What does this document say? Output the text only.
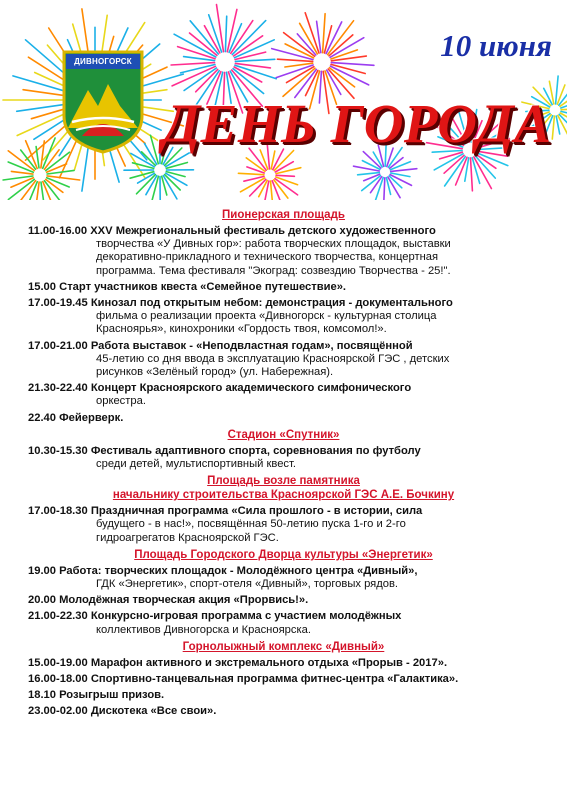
ДИВНОГОРСК	10 июня
ДЕНЬ ГОРОДА
Пионерская площадь
11.00-16.00 XXV Межрегиональный фестиваль детского художественного
творчества «У Дивных гор»: работа творческих площадок, выставки
декоративно-прикладного и технического творчества, концертная
программа. Тема фестиваля "Экоград: созвездию Творчества - 25!".
15.00 Старт участников квеста «Семейное путешествие».
17.00-19.45 Кинозал под открытым небом: демонстрация - документального
фильма о реализации проекта «Дивногорск - культурная столица
Красноярья», кинохроники «Гордость твоя, комсомол!».
17.00-21.00 Работа выставок - «Неподвластная годам», посвящённой
45-летию со дня ввода в эксплуатацию Красноярской ГЭС , детских
рисунков «Зелёный город» (ул. Набережная).
21.30-22.40 Концерт Красноярского академического симфонического
оркестра.
22.40 Фейерверк.
Стадион «Спутник»
10.30-15.30 Фестиваль адаптивного спорта, соревнования по футболу
среди детей, мультиспортивный квест.
Площадь возле памятника
начальнику строительства Красноярской ГЭС А.Е. Бочкину
17.00-18.30 Праздничная программа «Сила прошлого - в истории, сила
будущего - в нас!», посвящённая 50-летию пуска 1-го и 2-го
гидроагрегатов Красноярской ГЭС.
Площадь Городского Дворца культуры «Энергетик»
19.00 Работа: творческих площадок - Молодёжного центра «Дивный»,
ГДК «Энергетик», спорт-отеля «Дивный», торговых рядов.
20.00 Молодёжная творческая акция «Прорвись!».
21.00-22.30 Конкурсно-игровая программа с участием молодёжных
коллективов Дивногорска и Красноярска.
Горнолыжный комплекс «Дивный»
15.00-19.00 Марафон активного и экстремального отдыха «Прорыв - 2017».
16.00-18.00 Спортивно-танцевальная программа фитнес-центра «Галактика».
18.10 Розыгрыш призов.
23.00-02.00 Дискотека «Все свои».
